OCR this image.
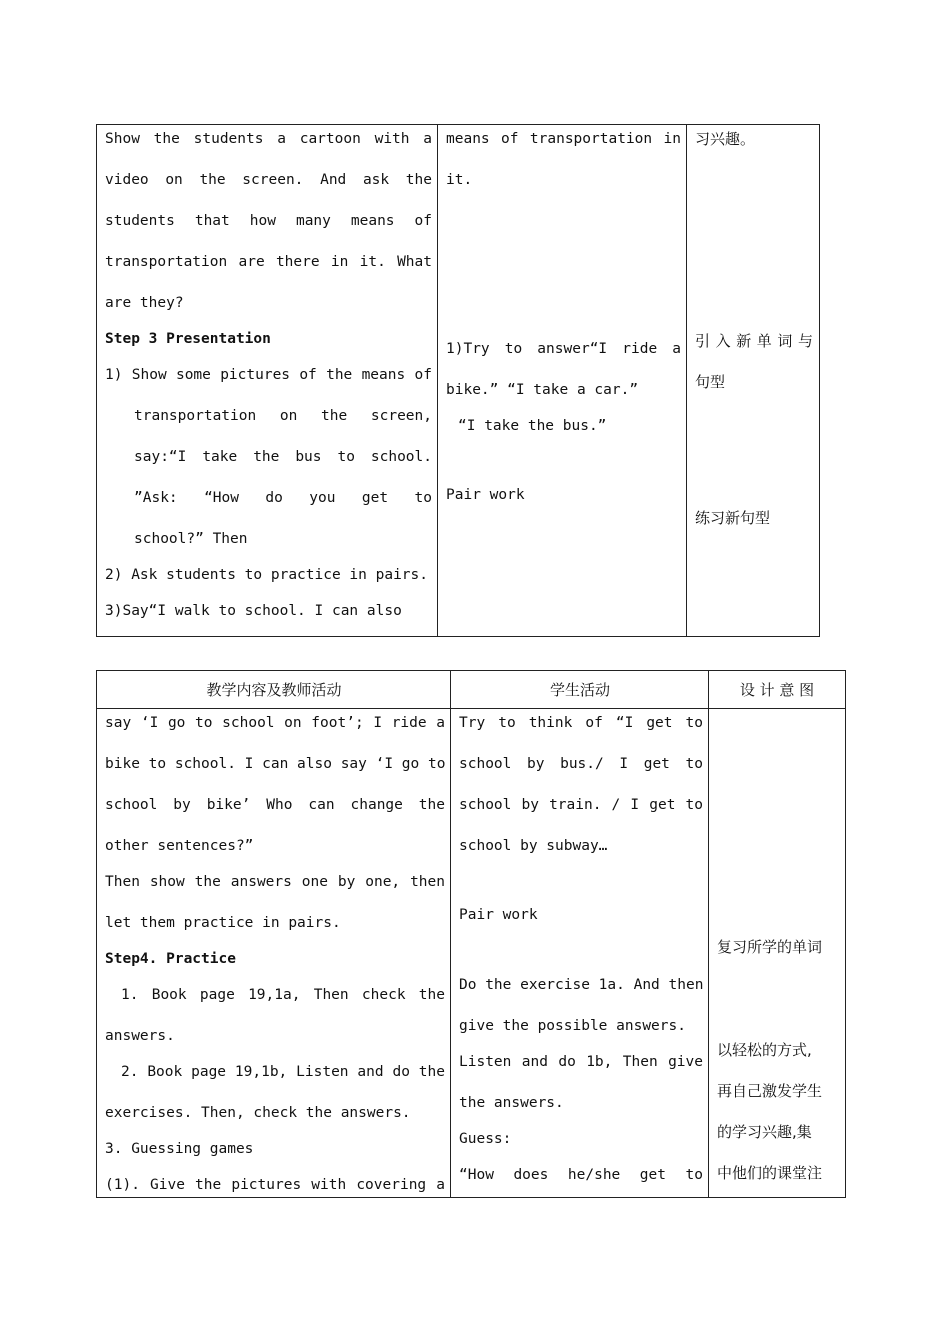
Show the students a cartoon with a
video on the screen. And ask the
students that how many means of
transportation are there in it. What
are they?
Step 3 Presentation
1) Show some pictures of the means of
transportation on the screen,
say:“I take the bus to school.
”Ask: “How do you get to
school?” Then
2) Ask students to practice in pairs.
3)Say“I walk to school. I can also
means of transportation in
it.
1)Try to answer“I ride a
bike.” “I take a car.”
“I take the bus.”
Pair work
习兴趣。
引入新单词与
句型
练习新句型
教学内容及教师活动
say ‘I go to school on foot’; I ride a
bike to school. I can also say ‘I go to
school by bike’ Who can change the
other sentences?”
Then show the answers one by one, then
let them practice in pairs.
Step4. Practice
1. Book page 19,1a, Then check the
answers.
2. Book page 19,1b, Listen and do the
exercises. Then, check the answers.
3. Guessing games
(1). Give the pictures with covering a
学生活动
Try to think of “I get to
school by bus./ I get to
school by train. / I get to
school by subway…
Pair work
Do the exercise 1a. And then
give the possible answers.
Listen and do 1b, Then give
the answers.
Guess:
“How does he/she get to
设 计 意 图
复习所学的单词
以轻松的方式,
再自己激发学生
的学习兴趣,集
中他们的课堂注
